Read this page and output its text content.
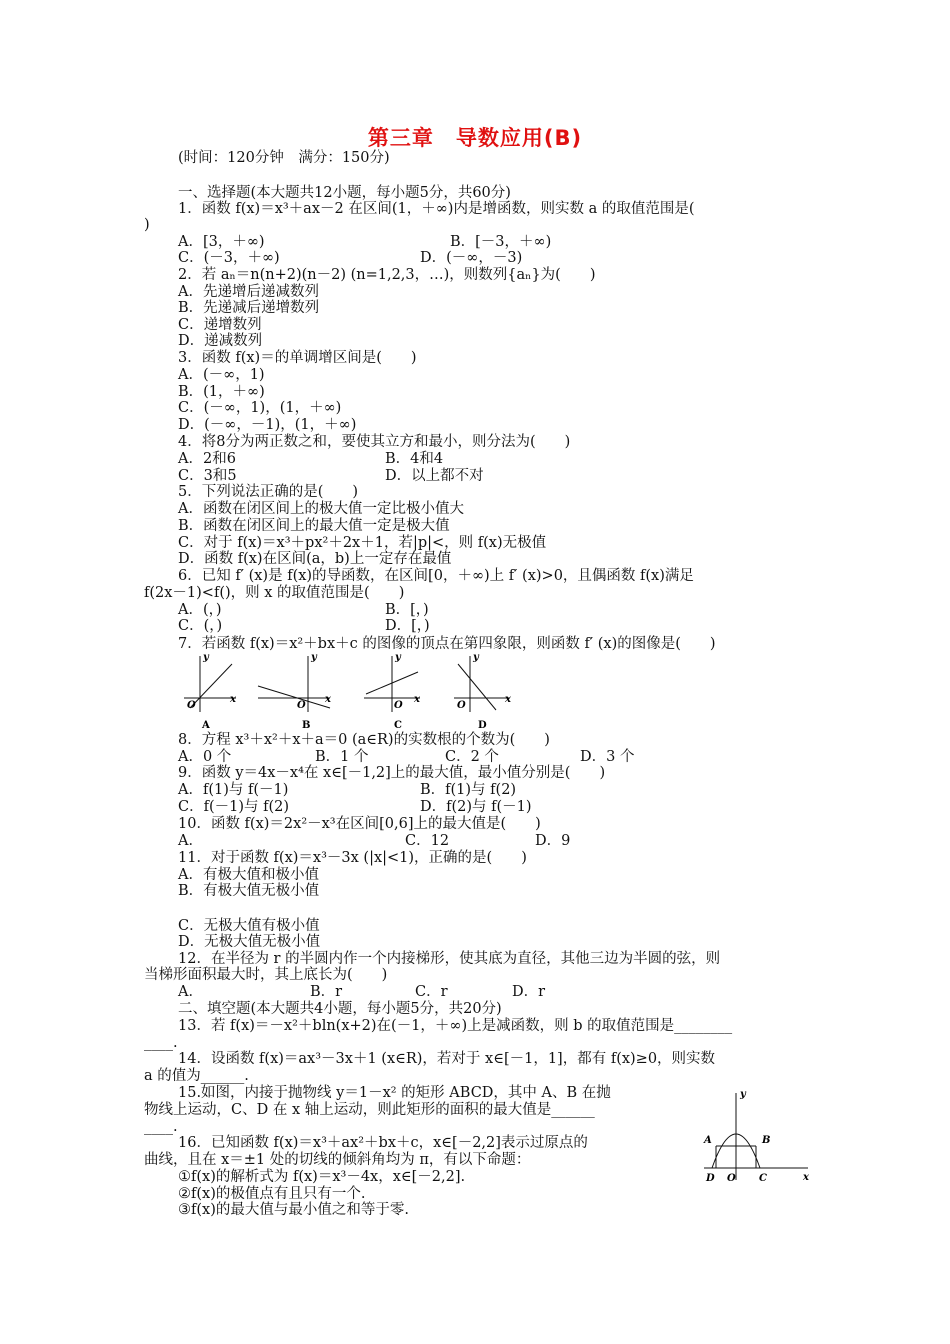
第三章　导数应用(B)
(时间：120分钟　满分：150分)
一、选择题(本大题共12小题，每小题5分，共60分)
1．函数 f(x)＝x³＋ax－2 在区间(1，＋∞)内是增函数，则实数 a 的取值范围是(
)
A．[3，＋∞)	B．[－3，＋∞)
C．(－3，＋∞)	D．(－∞，－3)
2．若 aₙ＝n(n+2)(n－2) (n=1,2,3，…)，则数列{aₙ}为(　　)
A．先递增后递减数列
B．先递减后递增数列
C．递增数列
D．递减数列
3．函数 f(x)＝的单调增区间是(　　)
A．(－∞，1)
B．(1，＋∞)
C．(－∞，1)，(1，＋∞)
D．(－∞，－1)，(1，＋∞)
4．将8分为两正数之和，要使其立方和最小，则分法为(　　)
A．2和6	B．4和4
C．3和5	D．以上都不对
5．下列说法正确的是(　　)
A．函数在闭区间上的极大值一定比极小值大
B．函数在闭区间上的最大值一定是极大值
C．对于 f(x)＝x³＋px²＋2x＋1，若|p|<，则 f(x)无极值
D．函数 f(x)在区间(a，b)上一定存在最值
6．已知 f′ (x)是 f(x)的导函数，在区间[0，＋∞)上 f′ (x)>0，且偶函数 f(x)满足
f(2x－1)<f()，则 x 的取值范围是(　　)
A．(，)	B．[，)
C．(，)	D．[，)
7．若函数 f(x)＝x²＋bx＋c 的图像的顶点在第四象限，则函数 f′ (x)的图像是(　　)
y
x
O
A
y
x
O
B
y
x
O
C
y
x
O
D
8．方程 x³＋x²＋x＋a＝0 (a∈R)的实数根的个数为(　　)
A．0 个	B．1 个	C．2 个	D．3 个
9．函数 y＝4x－x⁴在 x∈[－1,2]上的最大值，最小值分别是(　　)
A．f(1)与 f(－1)	B．f(1)与 f(2)
C．f(－1)与 f(2)	D．f(2)与 f(－1)
10．函数 f(x)＝2x²－x³在区间[0,6]上的最大值是(　　)
A．	C．12	D．9
11．对于函数 f(x)＝x³－3x (|x|<1)，正确的是(　　)
A．有极大值和极小值
B．有极大值无极小值
C．无极大值有极小值
D．无极大值无极小值
12．在半径为 r 的半圆内作一个内接梯形，使其底为直径，其他三边为半圆的弦，则
当梯形面积最大时，其上底长为(　　)
A．	B．r	C．r	D．r
二、填空题(本大题共4小题，每小题5分，共20分)
13．若 f(x)＝－x²＋bln(x+2)在(－1，＋∞)上是减函数，则 b 的取值范围是________
____.
14．设函数 f(x)＝ax³－3x＋1 (x∈R)，若对于 x∈[－1，1]，都有 f(x)≥0，则实数
a 的值为______.
15.如图，内接于抛物线 y＝1－x² 的矩形 ABCD，其中 A、B 在抛
物线上运动，C、D 在 x 轴上运动，则此矩形的面积的最大值是______
____.
y
x
A	B
D O C
16．已知函数 f(x)＝x³＋ax²＋bx＋c，x∈[－2,2]表示过原点的
曲线，且在 x＝±1 处的切线的倾斜角均为 π，有以下命题：
①f(x)的解析式为 f(x)＝x³－4x，x∈[－2,2].
②f(x)的极值点有且只有一个.
③f(x)的最大值与最小值之和等于零.
